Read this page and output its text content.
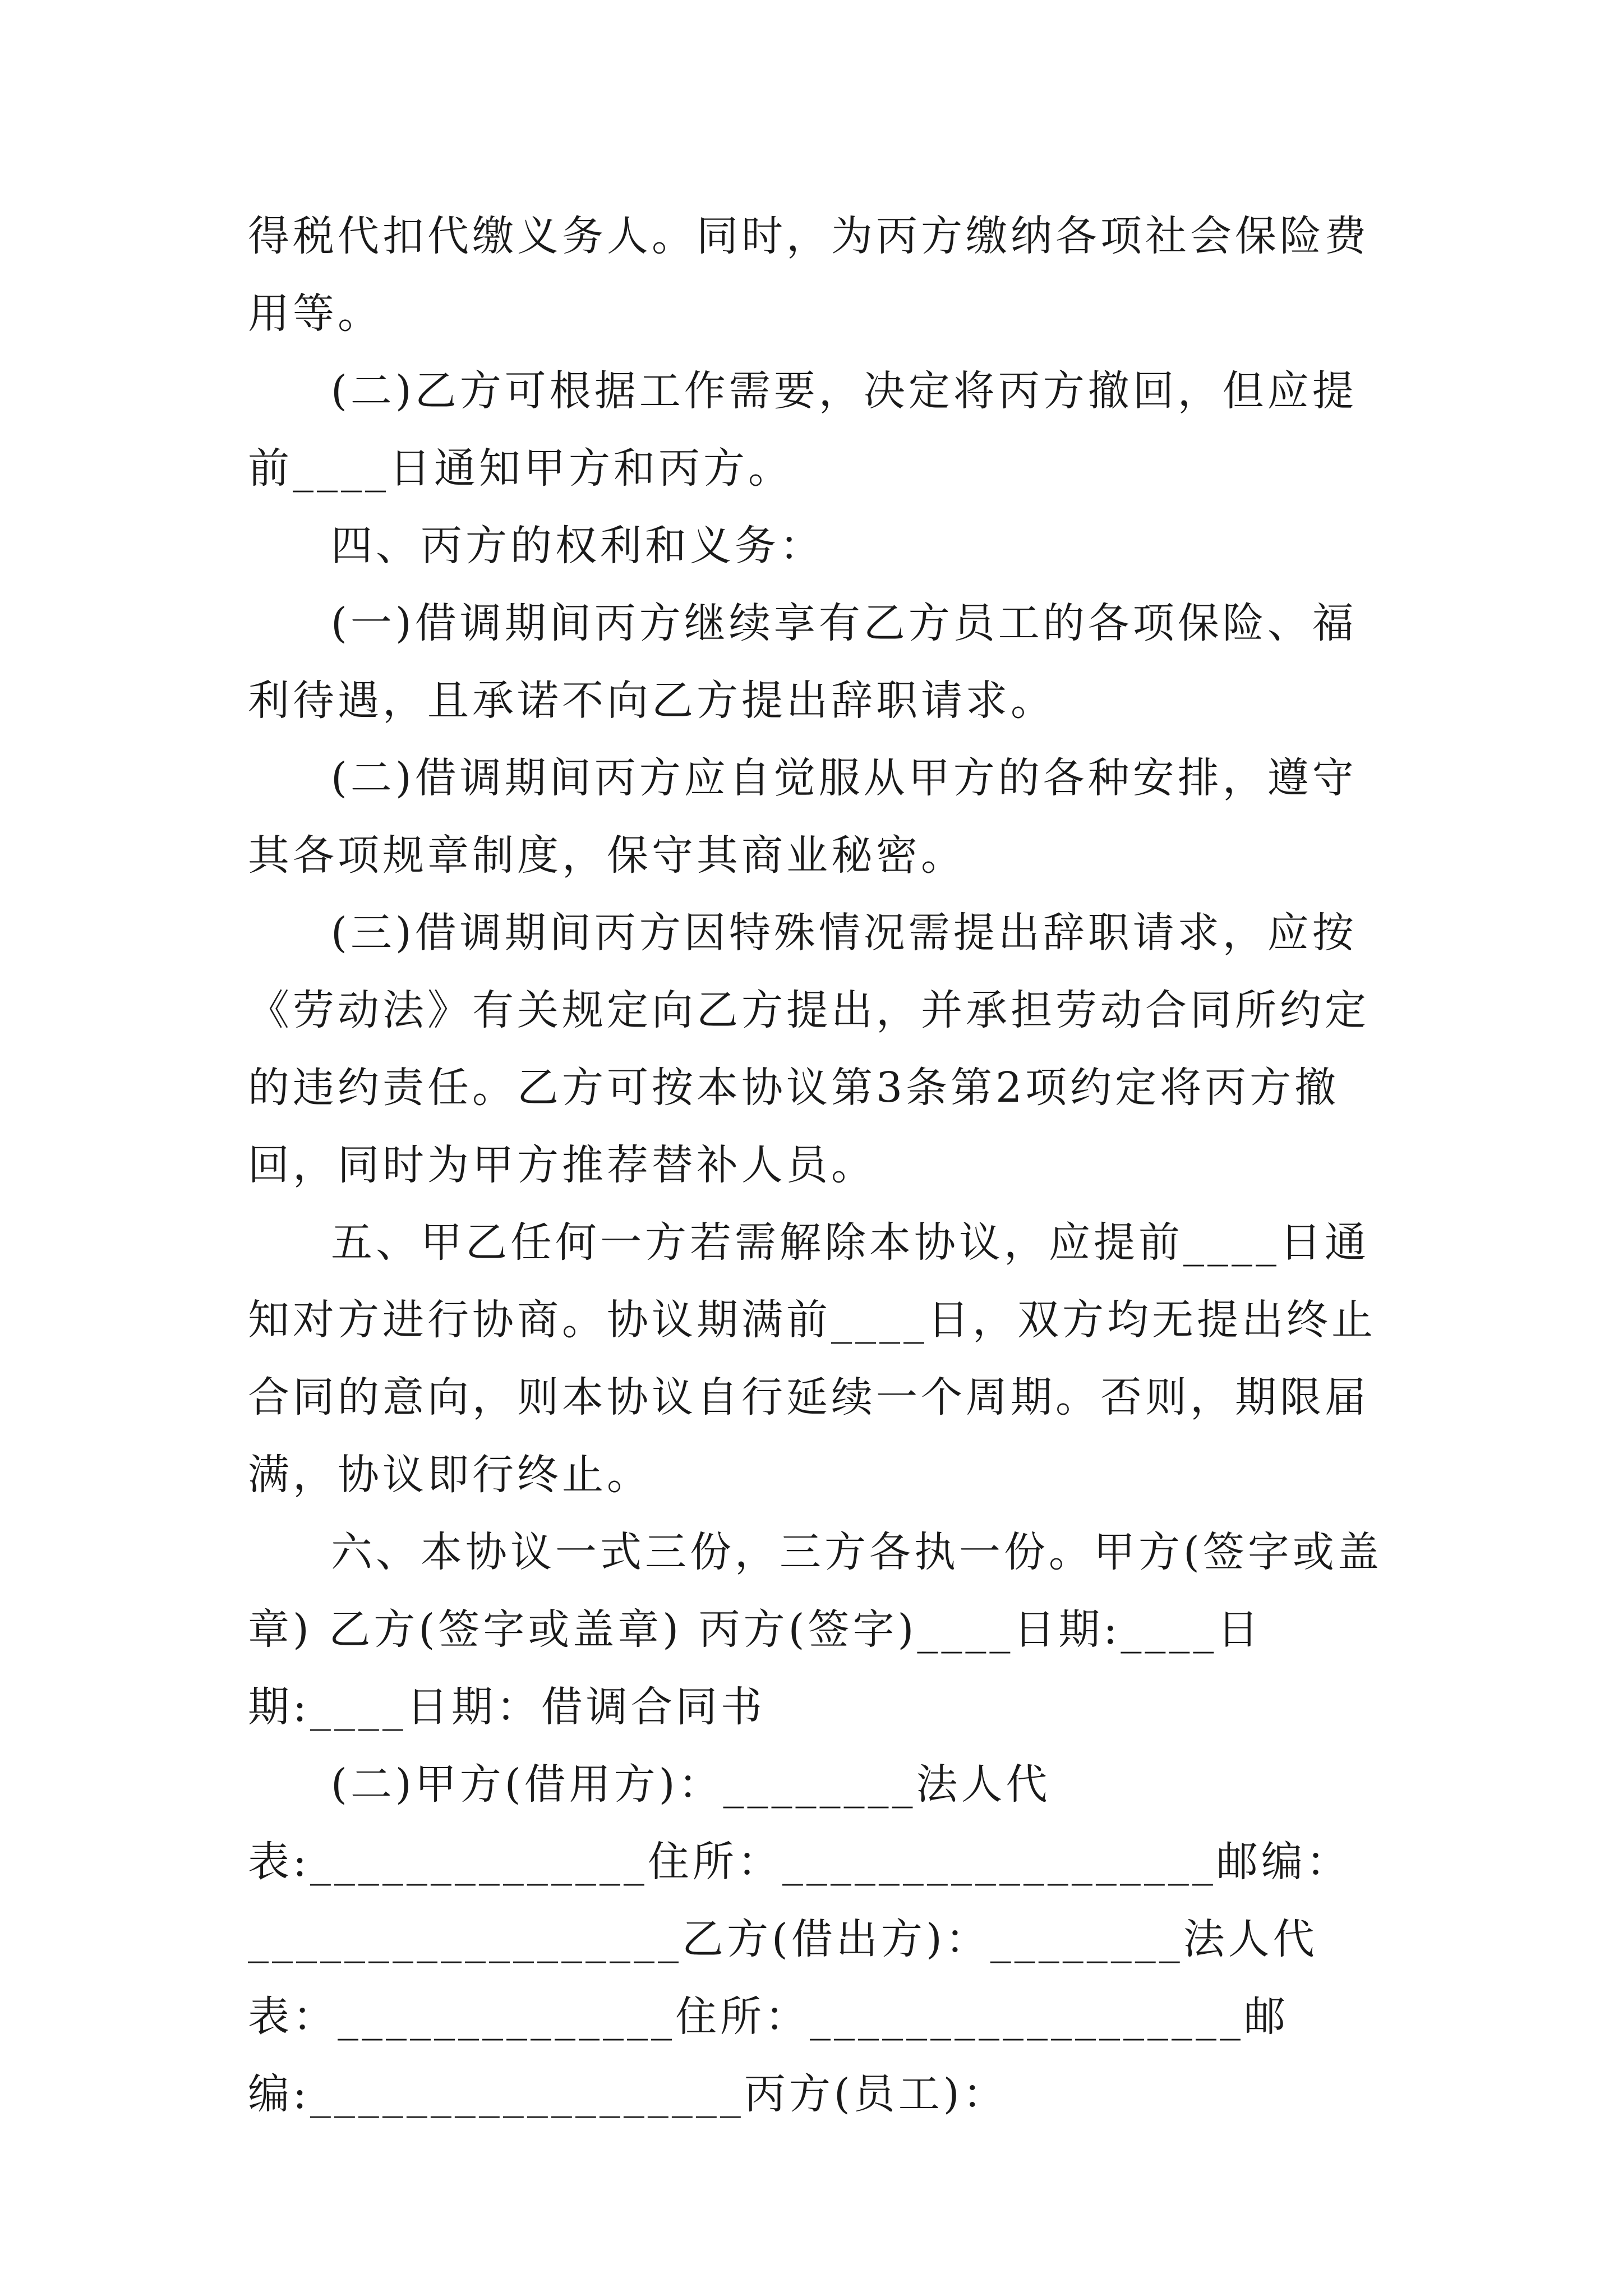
得税代扣代缴义务人。同时，为丙方缴纳各项社会保险费用等。

(二)乙方可根据工作需要，决定将丙方撤回，但应提前____日通知甲方和丙方。

四、丙方的权利和义务：

(一)借调期间丙方继续享有乙方员工的各项保险、福利待遇，且承诺不向乙方提出辞职请求。

(二)借调期间丙方应自觉服从甲方的各种安排，遵守其各项规章制度，保守其商业秘密。

(三)借调期间丙方因特殊情况需提出辞职请求，应按《劳动法》有关规定向乙方提出，并承担劳动合同所约定的违约责任。乙方可按本协议第3条第2项约定将丙方撤回，同时为甲方推荐替补人员。

五、甲乙任何一方若需解除本协议，应提前____日通知对方进行协商。协议期满前____日，双方均无提出终止合同的意向，则本协议自行延续一个周期。否则，期限届满，协议即行终止。

六、本协议一式三份，三方各执一份。甲方(签字或盖章) 乙方(签字或盖章) 丙方(签字)____日期:____日期:____日期：借调合同书

(二)甲方(借用方)：________法人代表:______________住所：__________________邮编：__________________乙方(借出方)：________法人代表：______________住所：__________________邮编:__________________丙方(员工)：
